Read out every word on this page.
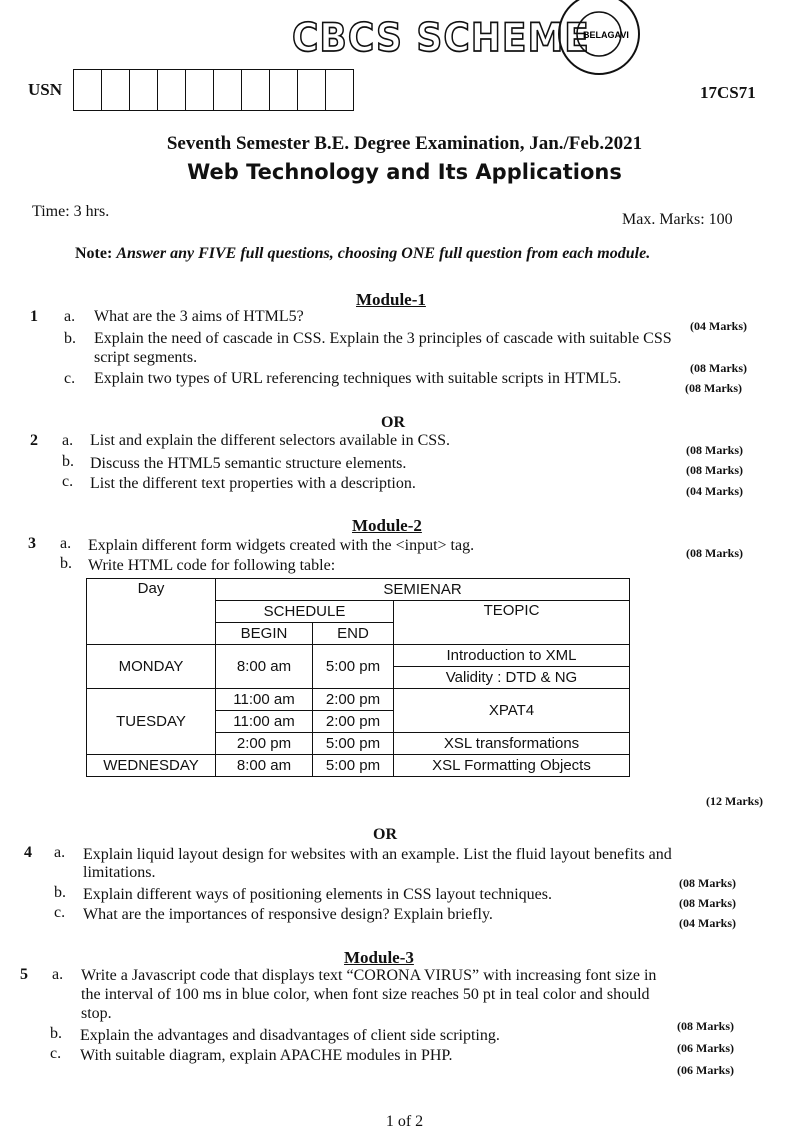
CBCS SCHEME
BELAGAVI
USN	17CS71
Seventh Semester B.E. Degree Examination, Jan./Feb.2021
Web Technology and Its Applications
Time: 3 hrs.	Max. Marks: 100
Note: Answer any FIVE full questions, choosing ONE full question from each module.
Module-1
1 a. What are the 3 aims of HTML5?
(04 Marks)
b. Explain the need of cascade in CSS. Explain the 3 principles of cascade with suitable CSS
script segments.
(08 Marks)
c. Explain two types of URL referencing techniques with suitable scripts in HTML5.
(08 Marks)
OR
2 a. List and explain the different selectors available in CSS.
(08 Marks)
b. Discuss the HTML5 semantic structure elements.	(08 Marks)
c. List the different text properties with a description.	(04 Marks)
Module-2
3 a. Explain different form widgets created with the <input> tag.	(08 Marks)
b. Write HTML code for following table:
Day	SEMIENAR		
	SCHEDULE		TEOPIC
	BEGIN	END	
MONDAY	8:00 am	5:00 pm	Introduction to XML
			Validity : DTD & NG
TUESDAY	11:00 am	2:00 pm	XPAT4
	11:00 am	2:00 pm	
	2:00 pm	5:00 pm	XSL transformations
WEDNESDAY	8:00 am	5:00 pm	XSL Formatting Objects
(12 Marks)
OR
4 a. Explain liquid layout design for websites with an example. List the fluid layout benefits and
limitations.
(08 Marks)
b. Explain different ways of positioning elements in CSS layout techniques.	(08 Marks)
c. What are the importances of responsive design? Explain briefly.	(04 Marks)
Module-3
5 a. Write a Javascript code that displays text “CORONA VIRUS” with increasing font size in
the interval of 100 ms in blue color, when font size reaches 50 pt in teal color and should
stop.
(08 Marks)
b. Explain the advantages and disadvantages of client side scripting.
(06 Marks)
c. With suitable diagram, explain APACHE modules in PHP.
(06 Marks)
1 of 2
